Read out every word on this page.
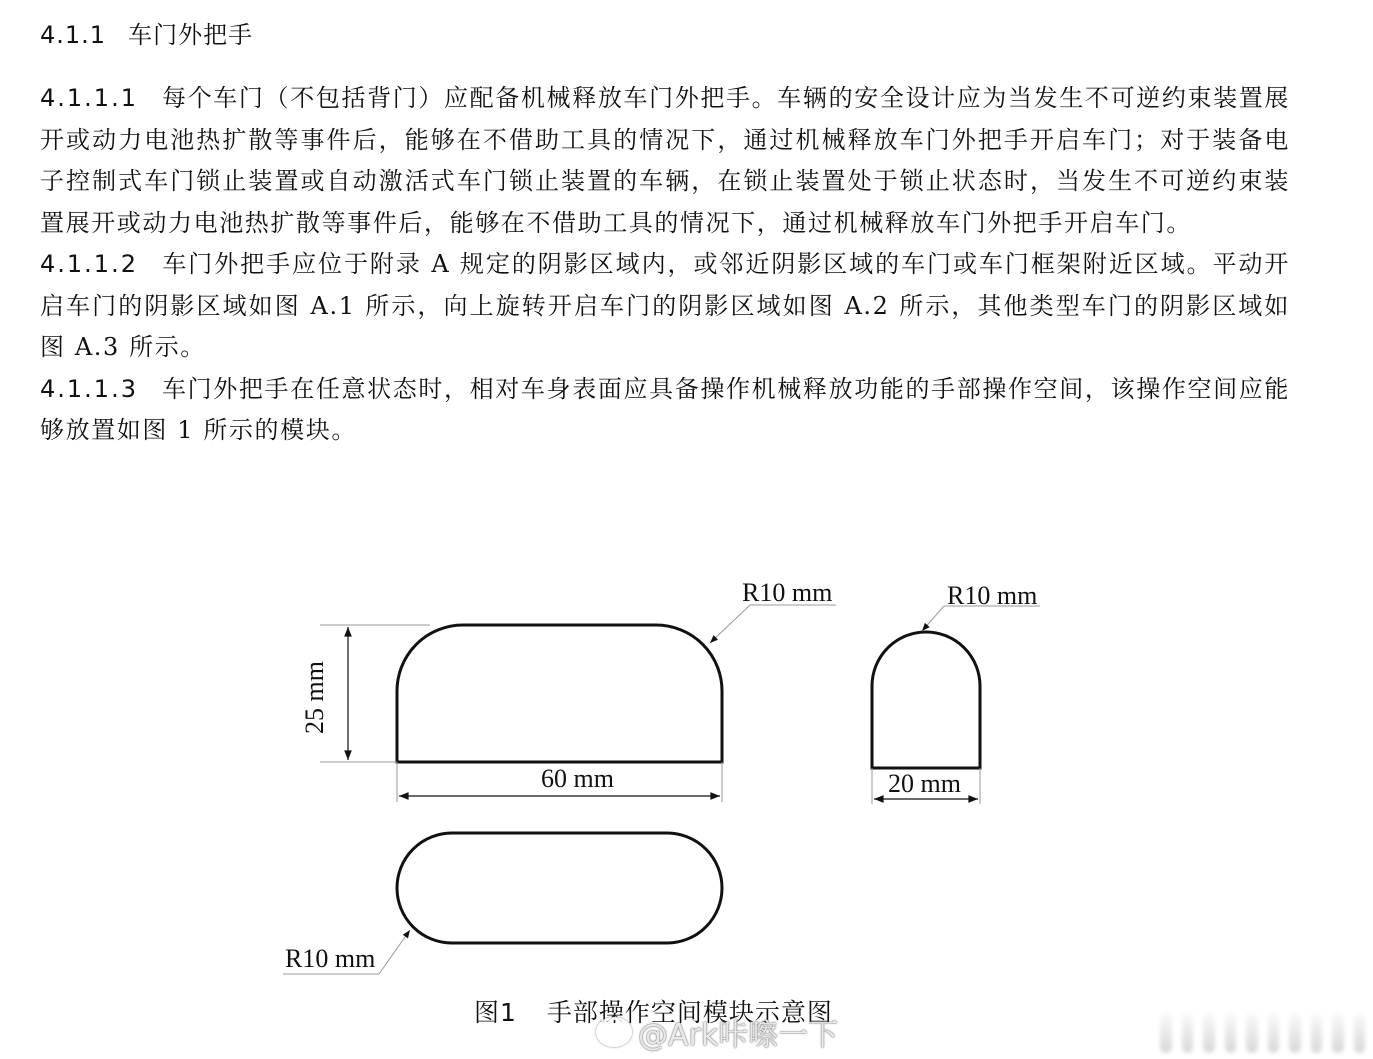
4.1.1 车门外把手

4.1.1.1 每个车门（不包括背门）应配备机械释放车门外把手。车辆的安全设计应为当发生不可逆约束装置展开或动力电池热扩散等事件后，能够在不借助工具的情况下，通过机械释放车门外把手开启车门；对于装备电子控制式车门锁止装置或自动激活式车门锁止装置的车辆，在锁止装置处于锁止状态时，当发生不可逆约束装置展开或动力电池热扩散等事件后，能够在不借助工具的情况下，通过机械释放车门外把手开启车门。

4.1.1.2 车门外把手应位于附录 A 规定的阴影区域内，或邻近阴影区域的车门或车门框架附近区域。平动开启车门的阴影区域如图 A.1 所示，向上旋转开启车门的阴影区域如图 A.2 所示，其他类型车门的阴影区域如图 A.3 所示。

4.1.1.3 车门外把手在任意状态时，相对车身表面应具备操作机械释放功能的手部操作空间，该操作空间应能够放置如图 1 所示的模块。

R10 mm
25 mm
60 mm
R10 mm
20 mm
R10 mm
图1 手部操作空间模块示意图
@Ark咔嚓一下
